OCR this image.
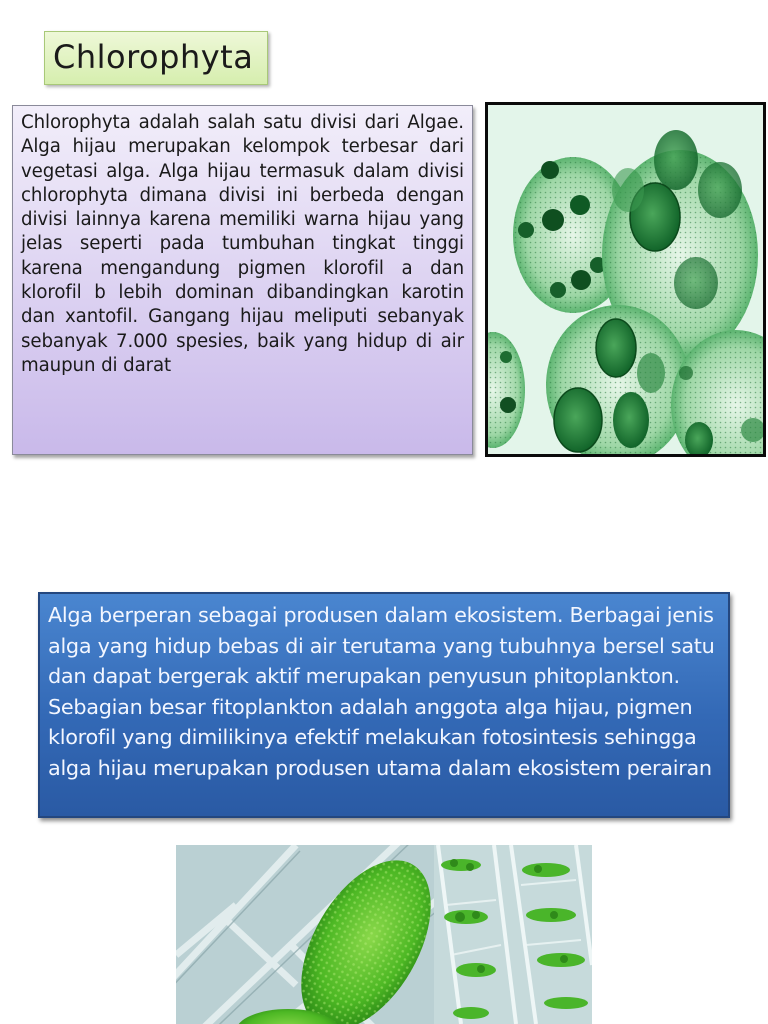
Chlorophyta

Chlorophyta adalah salah satu divisi dari Algae. Alga hijau merupakan kelompok terbesar dari vegetasi alga. Alga hijau termasuk dalam divisi chlorophyta dimana divisi ini berbeda dengan divisi lainnya karena memiliki warna hijau yang jelas seperti pada tumbuhan tingkat tinggi karena mengandung pigmen klorofil a dan klorofil b lebih dominan dibandingkan karotin dan xantofil. Gangang hijau meliputi sebanyak sebanyak 7.000 spesies, baik yang hidup di air maupun di darat

Alga berperan sebagai produsen dalam ekosistem. Berbagai jenis alga yang hidup bebas di air terutama yang tubuhnya bersel satu dan dapat bergerak aktif merupakan penyusun phitoplankton. Sebagian besar fitoplankton adalah anggota alga hijau, pigmen klorofil yang dimilikinya efektif melakukan fotosintesis sehingga alga hijau merupakan produsen utama dalam ekosistem perairan
